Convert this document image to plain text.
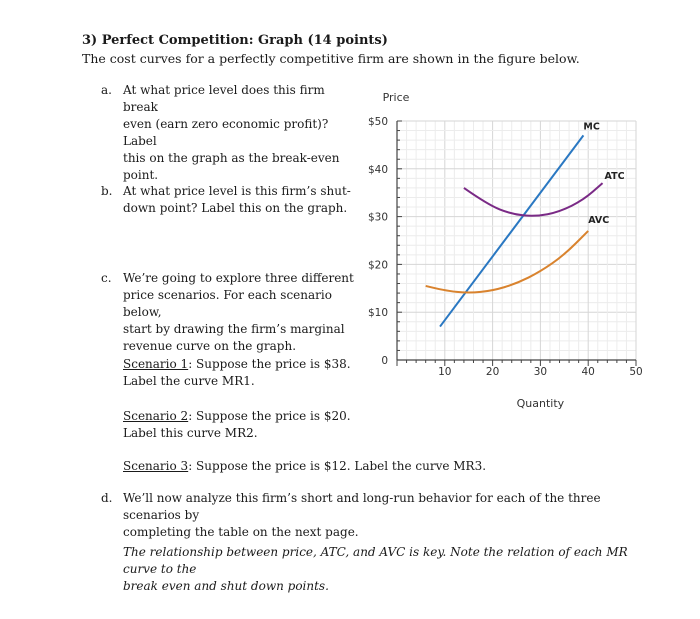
3) Perfect Competition: Graph (14 points)
The cost curves for a perfectly competitive firm are shown in the figure below.
a. At what price level does this firm break
even (earn zero economic profit)? Label
this on the graph as the break-even point.
b. At what price level is this firm’s shut-
down point? Label this on the graph.
c. We’re going to explore three different
price scenarios. For each scenario below,
start by drawing the firm’s marginal
revenue curve on the graph.
Scenario 1: Suppose the price is $38.
Label the curve MR1.
Scenario 2: Suppose the price is $20.
Label this curve MR2.
Scenario 3: Suppose the price is $12. Label the curve MR3.
d. We’ll now analyze this firm’s short and long-run behavior for each of the three scenarios by
completing the table on the next page.
The relationship between price, ATC, and AVC is key. Note the relation of each MR curve to the
break even and shut down points.
10	20	30	40	50
0
$10
$20
$30
$40
$50
Price
Quantity
MC
ATC
AVC
